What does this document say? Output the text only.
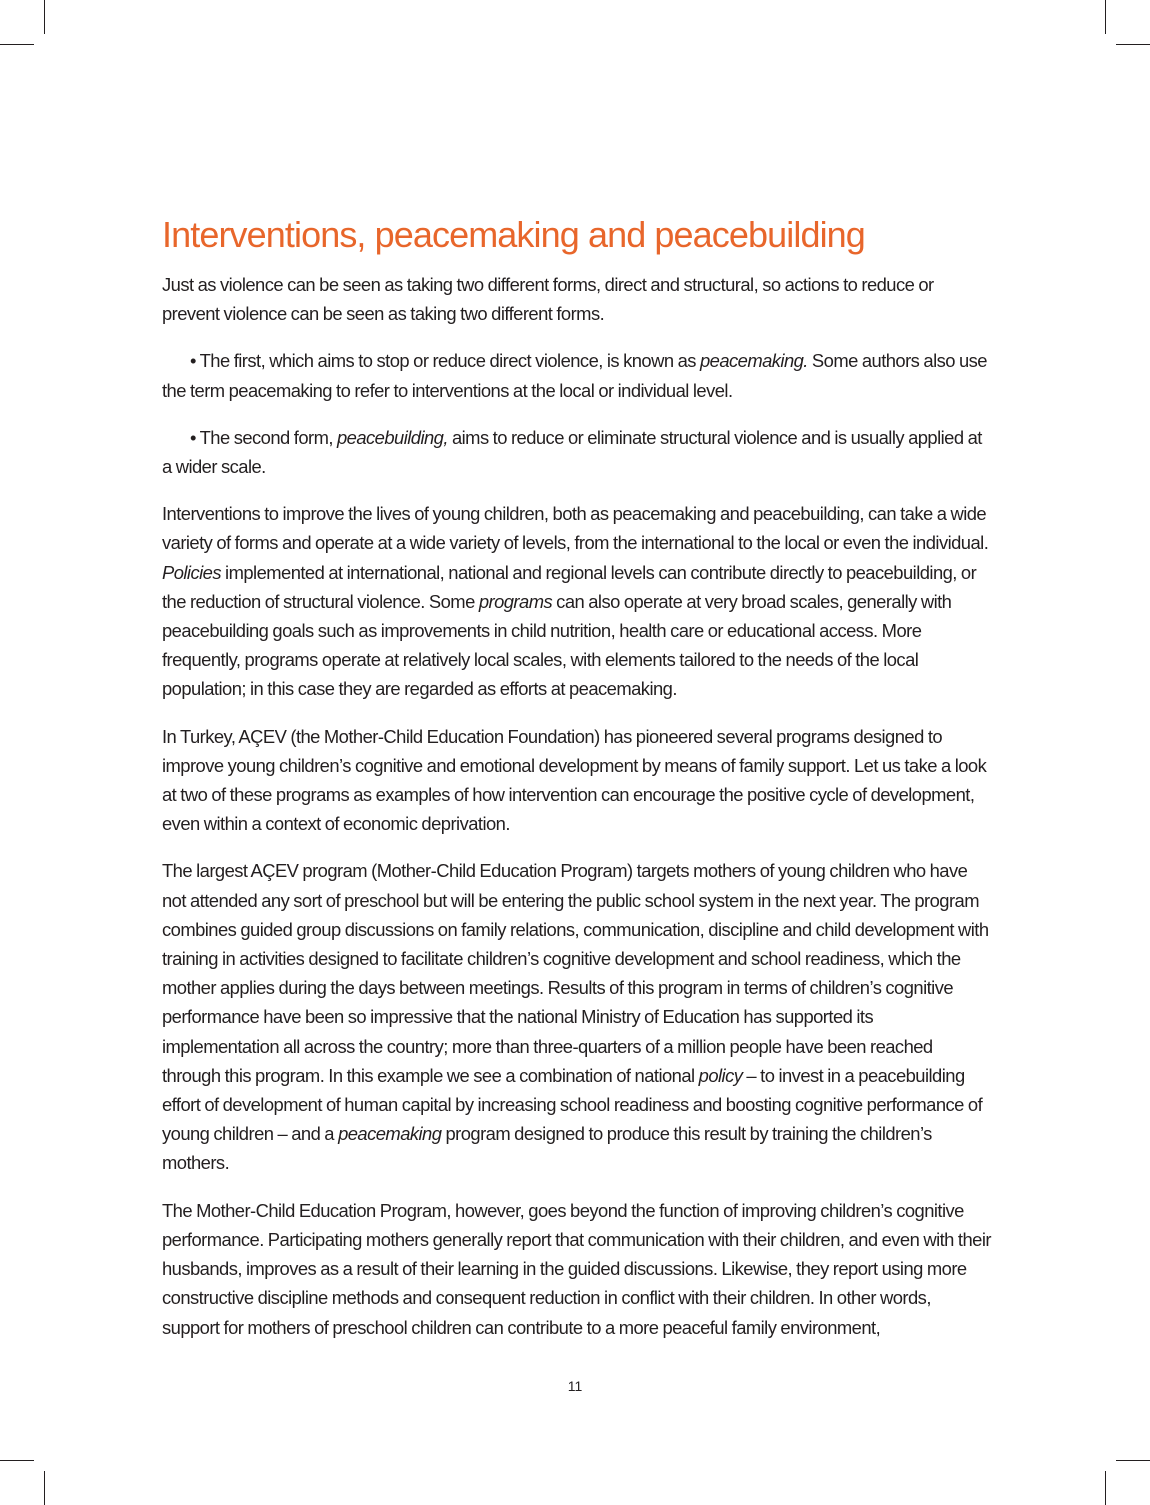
Interventions, peacemaking and peacebuilding

Just as violence can be seen as taking two different forms, direct and structural, so actions to reduce or prevent violence can be seen as taking two different forms.

• The first, which aims to stop or reduce direct violence, is known as peacemaking. Some authors also use the term peacemaking to refer to interventions at the local or individual level.

• The second form, peacebuilding, aims to reduce or eliminate structural violence and is usually applied at a wider scale.

Interventions to improve the lives of young children, both as peacemaking and peacebuilding, can take a wide variety of forms and operate at a wide variety of levels, from the international to the local or even the individual. Policies implemented at international, national and regional levels can contribute directly to peacebuilding, or the reduction of structural violence. Some programs can also operate at very broad scales, generally with peacebuilding goals such as improvements in child nutrition, health care or educational access. More frequently, programs operate at relatively local scales, with elements tailored to the needs of the local population; in this case they are regarded as efforts at peacemaking.

In Turkey, AÇEV (the Mother-Child Education Foundation) has pioneered several programs designed to improve young children’s cognitive and emotional development by means of family support. Let us take a look at two of these programs as examples of how intervention can encourage the positive cycle of development, even within a context of economic deprivation.

The largest AÇEV program (Mother-Child Education Program) targets mothers of young children who have not attended any sort of preschool but will be entering the public school system in the next year. The program combines guided group discussions on family relations, communication, discipline and child development with training in activities designed to facilitate children’s cognitive development and school readiness, which the mother applies during the days between meetings. Results of this program in terms of children’s cognitive performance have been so impressive that the national Ministry of Education has supported its implementation all across the country; more than three-quarters of a million people have been reached through this program. In this example we see a combination of national policy – to invest in a peacebuilding effort of development of human capital by increasing school readiness and boosting cognitive performance of young children – and a peacemaking program designed to produce this result by training the children’s mothers.

The Mother-Child Education Program, however, goes beyond the function of improving children’s cognitive performance. Participating mothers generally report that communication with their children, and even with their husbands, improves as a result of their learning in the guided discussions. Likewise, they report using more constructive discipline methods and consequent reduction in conflict with their children. In other words, support for mothers of preschool children can contribute to a more peaceful family environment,

11
